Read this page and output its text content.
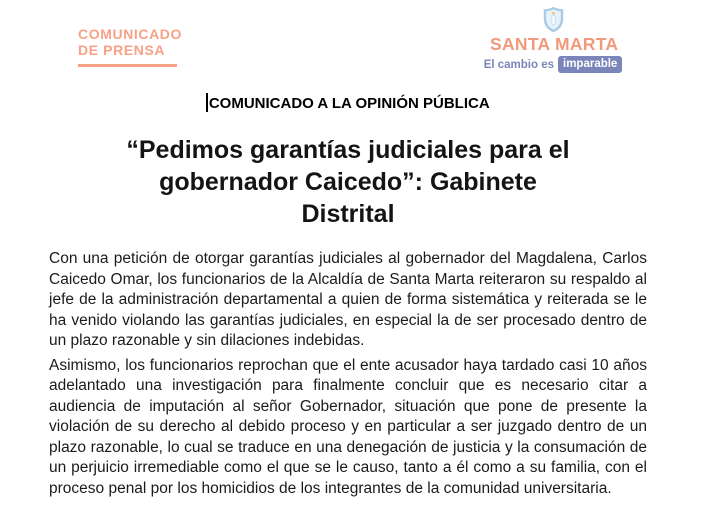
COMUNICADO
DE PRENSA	SANTA MARTA
El cambio es imparable
COMUNICADO A LA OPINIÓN PÚBLICA
“Pedimos garantías judiciales para el
gobernador Caicedo”: Gabinete
Distrital

Con una petición de otorgar garantías judiciales al gobernador del Magdalena, Carlos Caicedo Omar, los funcionarios de la Alcaldía de Santa Marta reiteraron su respaldo al jefe de la administración departamental a quien de forma sistemática y reiterada se le ha venido violando las garantías judiciales, en especial la de ser procesado dentro de un plazo razonable y sin dilaciones indebidas.

Asimismo, los funcionarios reprochan que el ente acusador haya tardado casi 10 años adelantado una investigación para finalmente concluir que es necesario citar a audiencia de imputación al señor Gobernador, situación que pone de presente la violación de su derecho al debido proceso y en particular a ser juzgado dentro de un plazo razonable, lo cual se traduce en una denegación de justicia y la consumación de un perjuicio irremediable como el que se le causo, tanto a él como a su familia, con el proceso penal por los homicidios de los integrantes de la comunidad universitaria.
